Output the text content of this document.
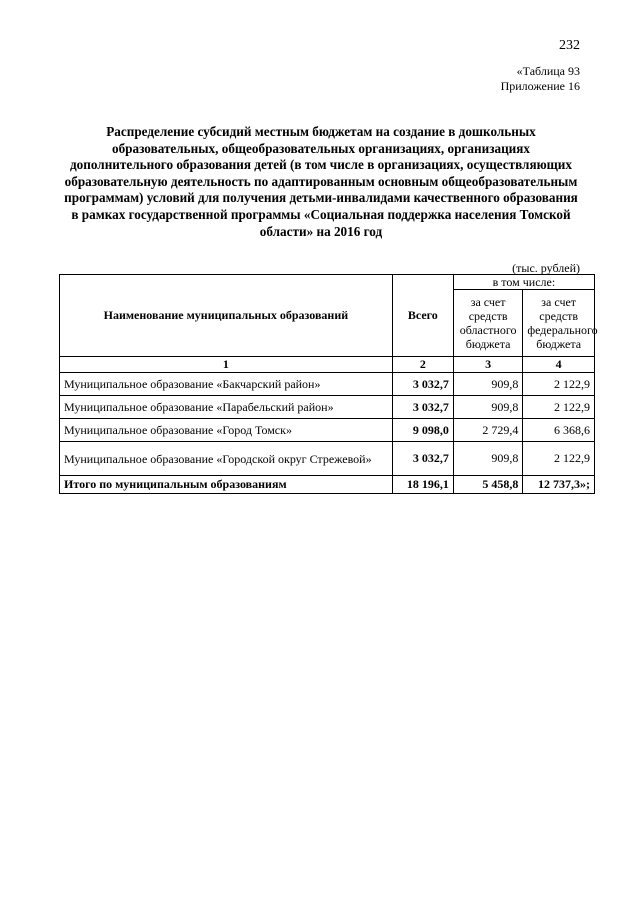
232
«Таблица 93
Приложение 16
Распределение субсидий местным бюджетам на создание в дошкольных образовательных, общеобразовательных организациях, организациях дополнительного образования детей (в том числе в организациях, осуществляющих образовательную деятельность по адаптированным основным общеобразовательным программам) условий для получения детьми-инвалидами качественного образования в рамках государственной программы «Социальная поддержка населения Томской области» на 2016 год
(тыс. рублей)
Наименование муниципальных образований	Всего	в том числе:	
		за счет средств областного бюджета	за счет средств федерального бюджета
1	2	3	4
Муниципальное образование «Бакчарский район»	3 032,7	909,8	2 122,9
Муниципальное образование «Парабельский район»	3 032,7	909,8	2 122,9
Муниципальное образование «Город Томск»	9 098,0	2 729,4	6 368,6
Муниципальное образование «Городской округ Стрежевой»	3 032,7	909,8	2 122,9
Итого по муниципальным образованиям	18 196,1	5 458,8	12 737,3»;
